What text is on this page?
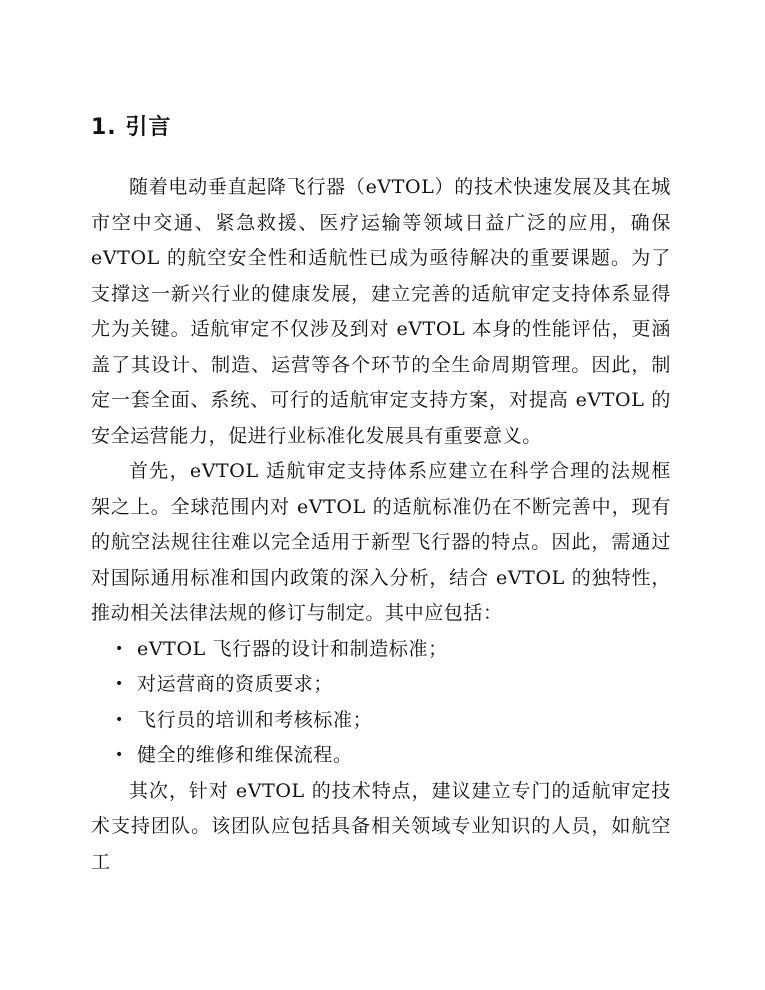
1. 引言

随着电动垂直起降飞行器（eVTOL）的技术快速发展及其在城市空中交通、紧急救援、医疗运输等领域日益广泛的应用，确保eVTOL 的航空安全性和适航性已成为亟待解决的重要课题。为了支撑这一新兴行业的健康发展，建立完善的适航审定支持体系显得尤为关键。适航审定不仅涉及到对 eVTOL 本身的性能评估，更涵盖了其设计、制造、运营等各个环节的全生命周期管理。因此，制定一套全面、系统、可行的适航审定支持方案，对提高 eVTOL 的安全运营能力，促进行业标准化发展具有重要意义。

首先，eVTOL 适航审定支持体系应建立在科学合理的法规框架之上。全球范围内对 eVTOL 的适航标准仍在不断完善中，现有的航空法规往往难以完全适用于新型飞行器的特点。因此，需通过对国际通用标准和国内政策的深入分析，结合 eVTOL 的独特性，推动相关法律法规的修订与制定。其中应包括：

• eVTOL 飞行器的设计和制造标准；
• 对运营商的资质要求；
• 飞行员的培训和考核标准；
• 健全的维修和维保流程。

其次，针对 eVTOL 的技术特点，建议建立专门的适航审定技术支持团队。该团队应包括具备相关领域专业知识的人员，如航空工
